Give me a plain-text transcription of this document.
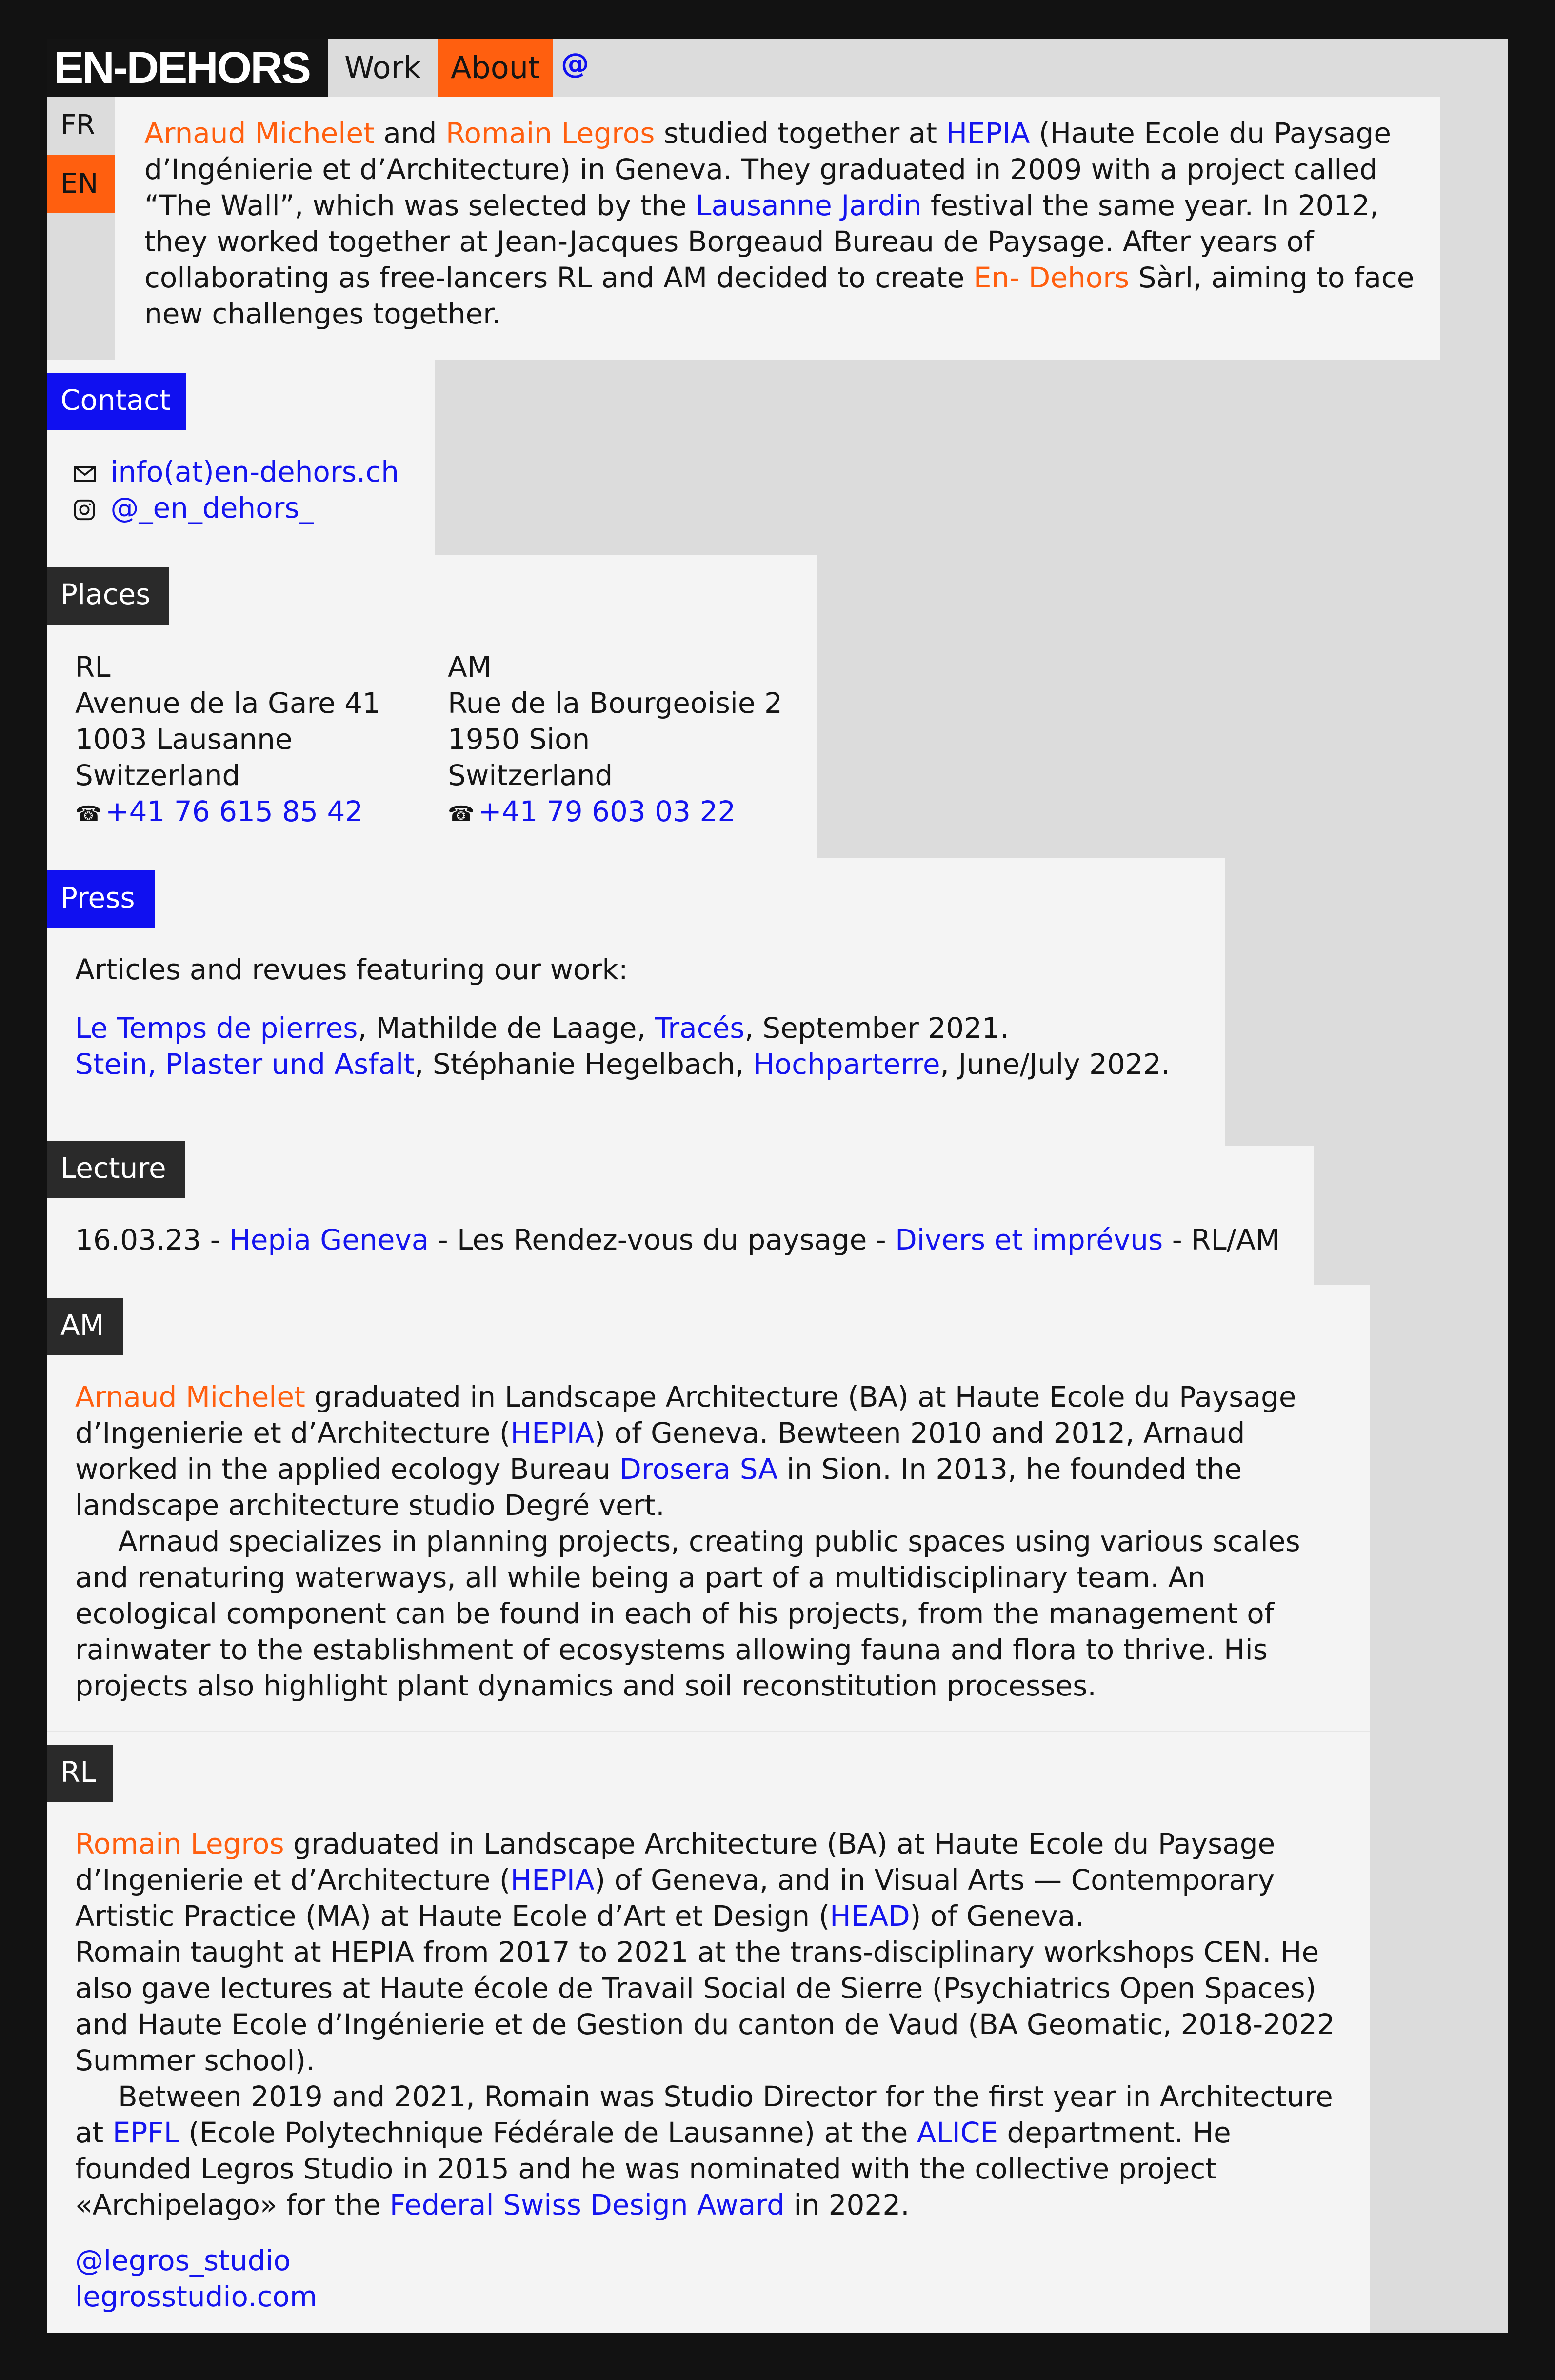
EN-DEHORS	Work About @
FR
EN

Arnaud Michelet and Romain Legros studied together at HEPIA (Haute Ecole du Paysage d’Ingénierie et d’Architecture) in Geneva. They graduated in 2009 with a project called “The Wall”, which was selected by the Lausanne Jardin festival the same year. In 2012, they worked together at Jean-Jacques Borgeaud Bureau de Paysage. After years of collaborating as free-lancers RL and AM decided to create En- Dehors Sàrl, aiming to face new challenges together.

Contact
info(at)en-dehors.ch
@_en_dehors_
Places
RL
Avenue de la Gare 41
1003 Lausanne
Switzerland
☎ +41 76 615 85 42
AM
Rue de la Bourgeoisie 2
1950 Sion
Switzerland
☎ +41 79 603 03 22
Press
Articles and revues featuring our work:
Le Temps de pierres, Mathilde de Laage, Tracés, September 2021.
Stein, Plaster und Asfalt, Stéphanie Hegelbach, Hochparterre, June/July 2022.
Lecture
16.03.23 - Hepia Geneva - Les Rendez-vous du paysage - Divers et imprévus - RL/AM
AM

Arnaud Michelet graduated in Landscape Architecture (BA) at Haute Ecole du Paysage d’Ingenierie et d’Architecture (HEPIA) of Geneva. Bewteen 2010 and 2012, Arnaud worked in the applied ecology Bureau Drosera SA in Sion. In 2013, he founded the landscape architecture studio Degré vert.

Arnaud specializes in planning projects, creating public spaces using various scales and renaturing waterways, all while being a part of a multidisciplinary team. An ecological component can be found in each of his projects, from the management of rainwater to the establishment of ecosystems allowing fauna and flora to thrive. His projects also highlight plant dynamics and soil reconstitution processes.

RL

Romain Legros graduated in Landscape Architecture (BA) at Haute Ecole du Paysage d’Ingenierie et d’Architecture (HEPIA) of Geneva, and in Visual Arts — Contemporary Artistic Practice (MA) at Haute Ecole d’Art et Design (HEAD) of Geneva.

Romain taught at HEPIA from 2017 to 2021 at the trans-disciplinary workshops CEN. He also gave lectures at Haute école de Travail Social de Sierre (Psychiatrics Open Spaces) and Haute Ecole d’Ingénierie et de Gestion du canton de Vaud (BA Geomatic, 2018-2022 Summer school).

Between 2019 and 2021, Romain was Studio Director for the first year in Architecture at EPFL (Ecole Polytechnique Fédérale de Lausanne) at the ALICE department. He founded Legros Studio in 2015 and he was nominated with the collective project «Archipelago» for the Federal Swiss Design Award in 2022.

@legros_studio
legrosstudio.com
